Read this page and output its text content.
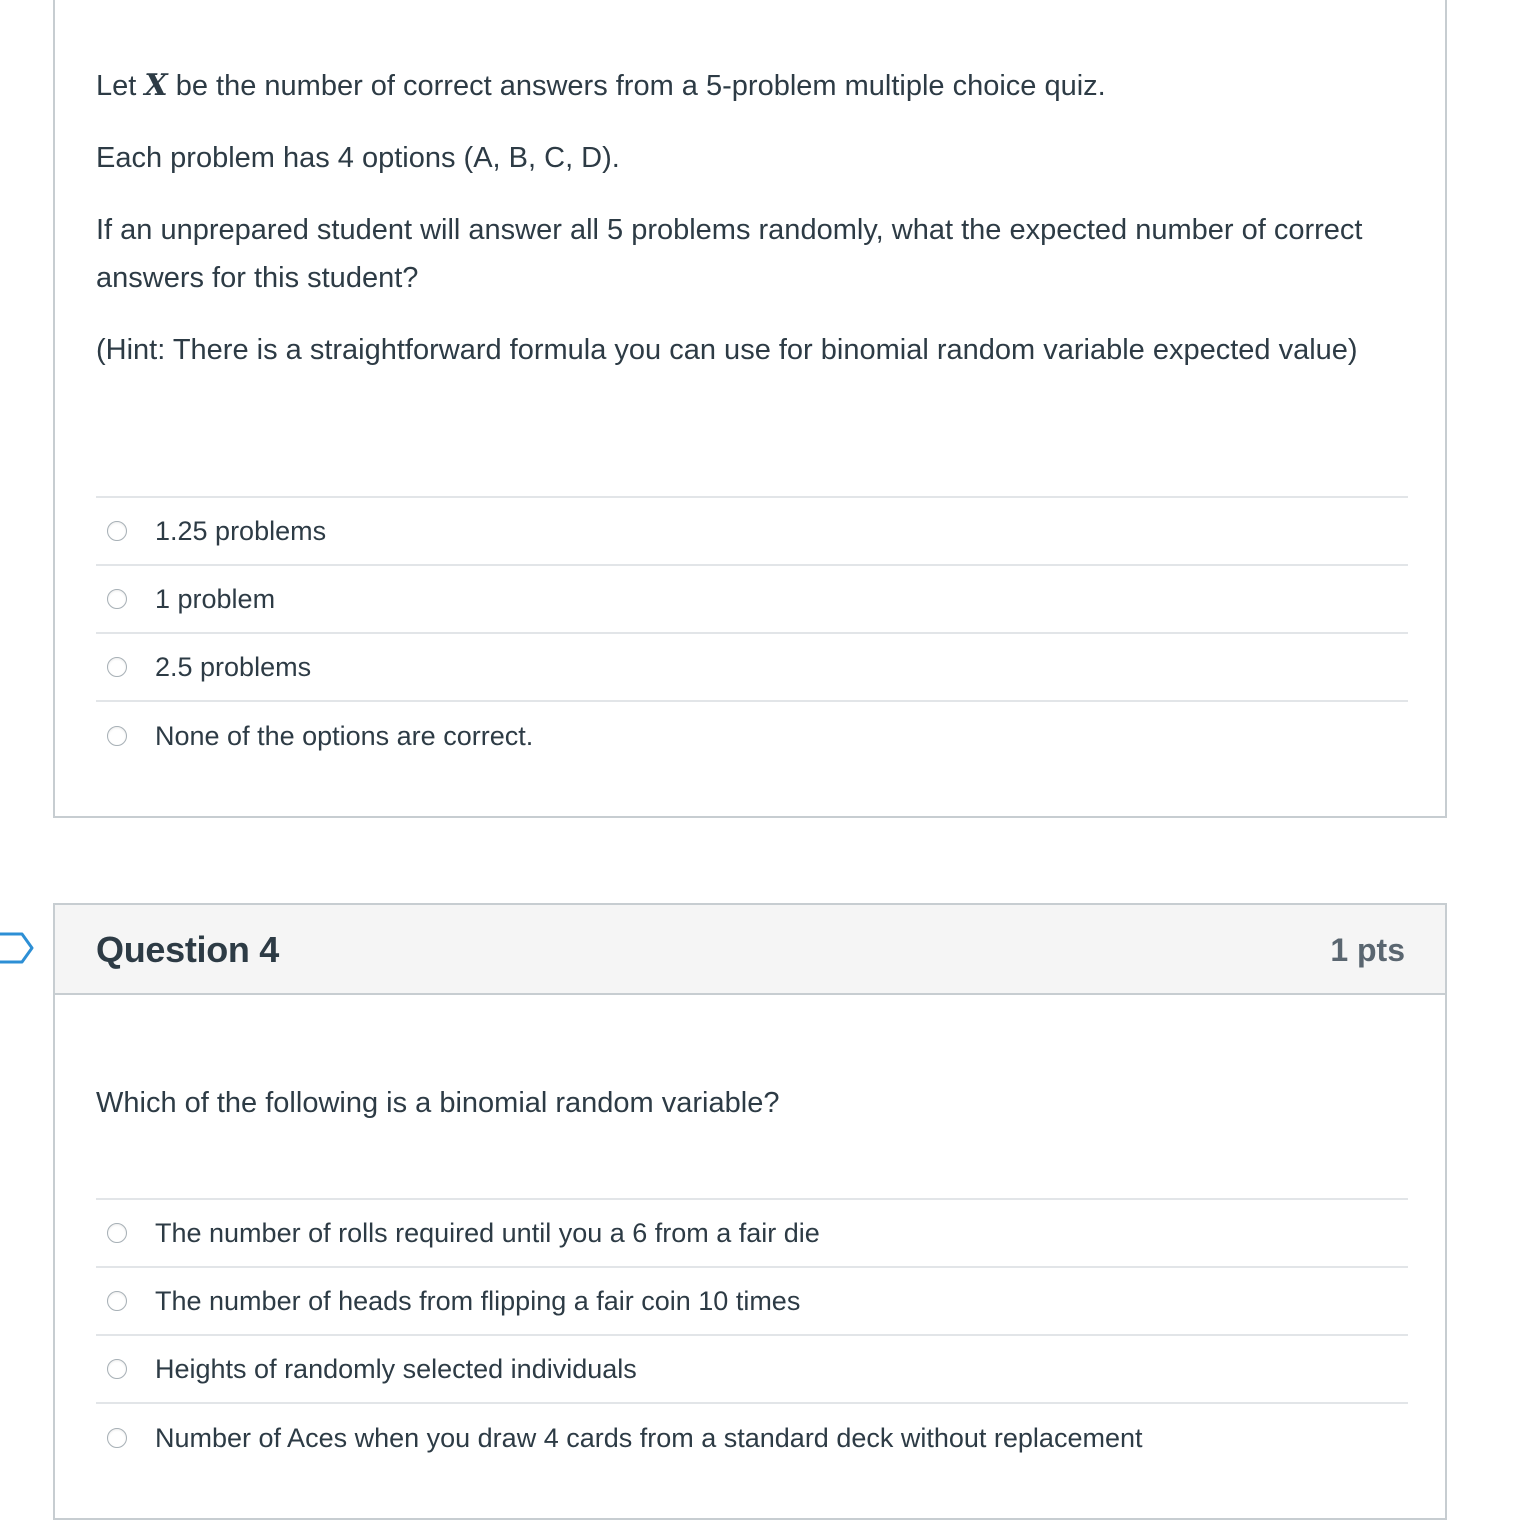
Let X be the number of correct answers from a 5-problem multiple choice quiz.

Each problem has 4 options (A, B, C, D).

If an unprepared student will answer all 5 problems randomly, what the expected number of correct answers for this student?

(Hint: There is a straightforward formula you can use for binomial random variable expected value)

1.25 problems
1 problem
2.5 problems
None of the options are correct.
Question 4	1 pts

Which of the following is a binomial random variable?

The number of rolls required until you a 6 from a fair die
The number of heads from flipping a fair coin 10 times
Heights of randomly selected individuals
Number of Aces when you draw 4 cards from a standard deck without replacement
